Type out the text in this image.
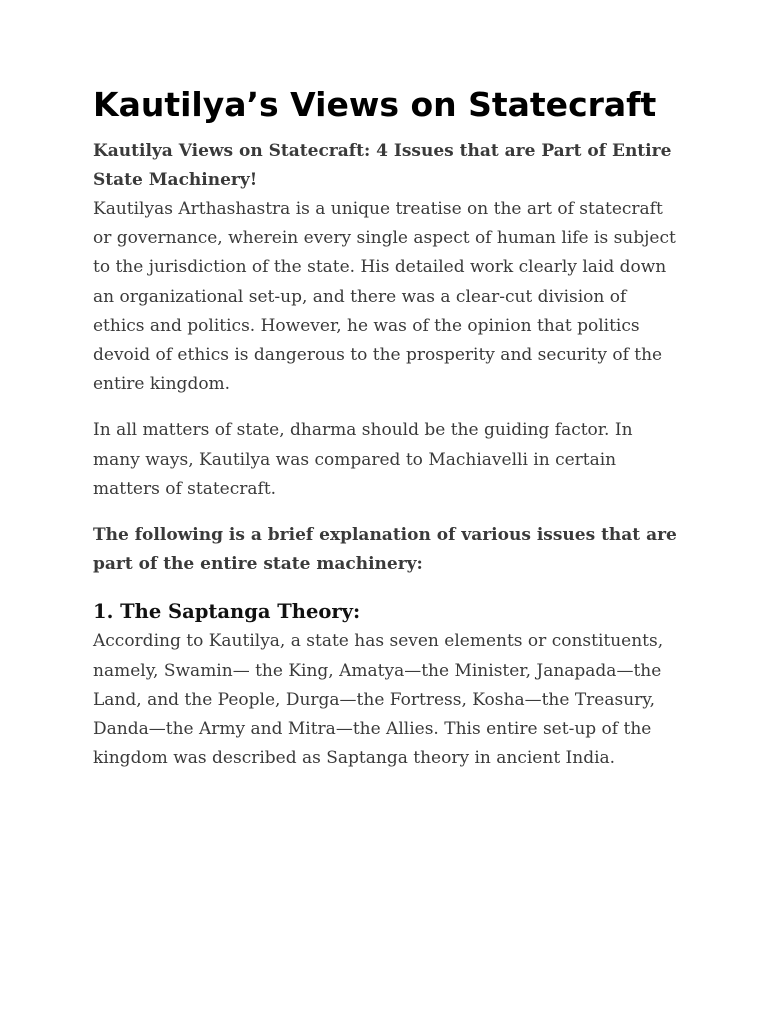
Kautilya’s Views on Statecraft

Kautilya Views on Statecraft: 4 Issues that are Part of Entire State Machinery!

Kautilyas Arthashastra is a unique treatise on the art of statecraft or governance, wherein every single aspect of human life is subject to the jurisdiction of the state. His detailed work clearly laid down an organizational set-up, and there was a clear-cut division of ethics and politics. However, he was of the opinion that politics devoid of ethics is dangerous to the prosperity and security of the entire kingdom.

In all matters of state, dharma should be the guiding factor. In many ways, Kautilya was compared to Machiavelli in certain matters of statecraft.

The following is a brief explanation of various issues that are part of the entire state machinery:

1. The Saptanga Theory:

According to Kautilya, a state has seven elements or constituents, namely, Swamin— the King, Amatya—the Minister, Janapada—the Land, and the People, Durga—the Fortress, Kosha—the Treasury, Danda—the Army and Mitra—the Allies. This entire set-up of the kingdom was described as Saptanga theory in ancient India.
